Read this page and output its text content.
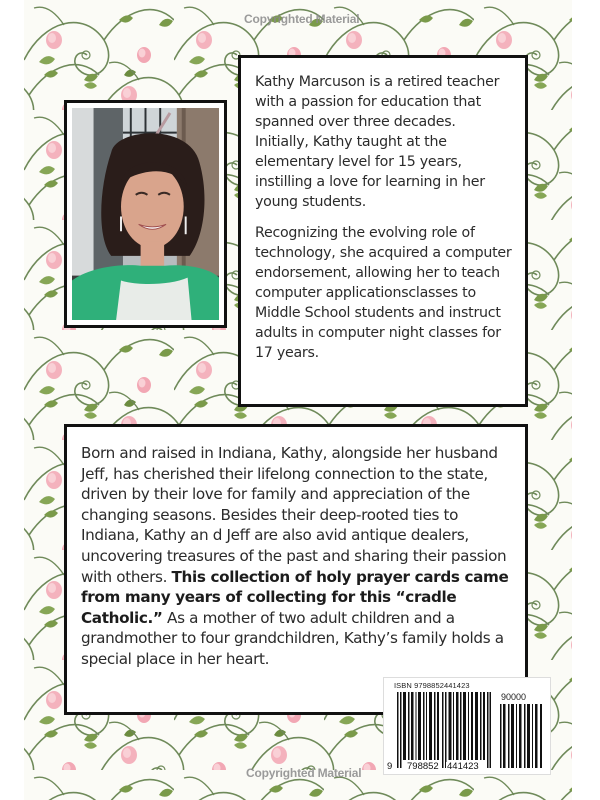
Copyrighted Material
Copyrighted Material

Kathy Marcuson is a retired teacher with a passion for education that spanned over three decades. Initially, Kathy taught at the elementary level for 15 years, instilling a love for learning in her young students.

Recognizing the evolving role of technology, she acquired a computer endorsement, allowing her to teach computer applicationsclasses to Middle School students and instruct adults in computer night classes for 17 years.

Born and raised in Indiana, Kathy, alongside her husband Jeff, has cherished their lifelong connection to the state, driven by their love for family and appreciation of the changing seasons. Besides their deep-rooted ties to Indiana, Kathy an d Jeff are also avid antique dealers, uncovering treasures of the past and sharing their passion with others. This collection of holy prayer cards came from many years of collecting for this “cradle Catholic.” As a mother of two adult children and a grandmother to four grandchildren, Kathy’s family holds a special place in her heart.

ISBN 9798852441423
90000
9 798852 441423
